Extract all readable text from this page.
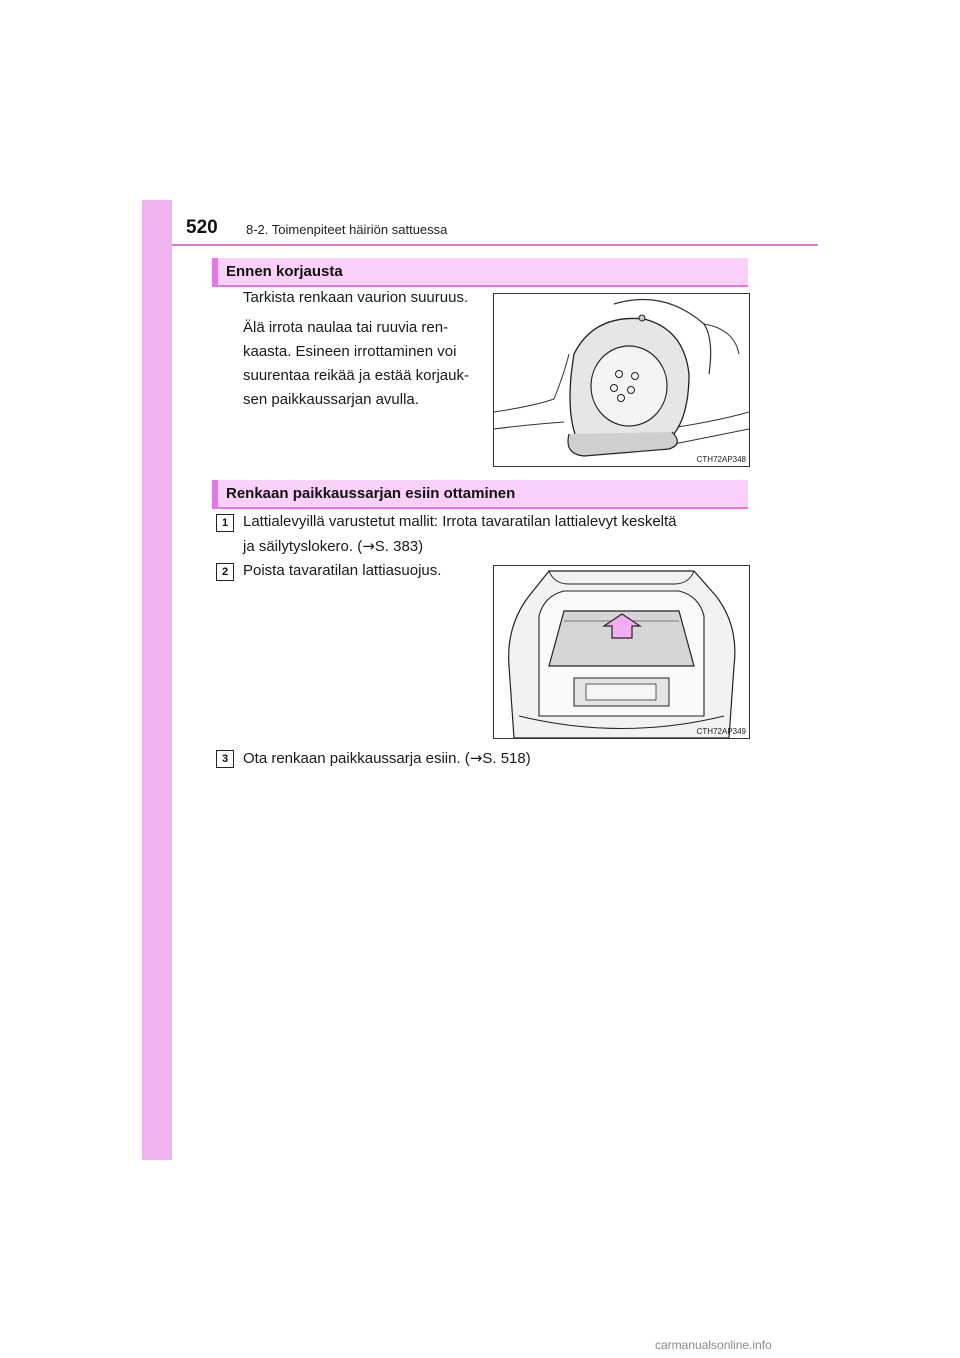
520 8-2. Toimenpiteet häiriön sattuessa
Ennen korjausta
Tarkista renkaan vaurion suuruus.
Älä irrota naulaa tai ruuvia ren-
kaasta. Esineen irrottaminen voi
suurentaa reikää ja estää korjauk-
sen paikkaussarjan avulla.
CTH72AP348
Renkaan paikkaussarjan esiin ottaminen
1 Lattialevyillä varustetut mallit: Irrota tavaratilan lattialevyt keskeltä
ja säilytyslokero. (→S. 383)
2 Poista tavaratilan lattiasuojus.
CTH72AP349
3 Ota renkaan paikkaussarja esiin. (→S. 518)
carmanualsonline.info
